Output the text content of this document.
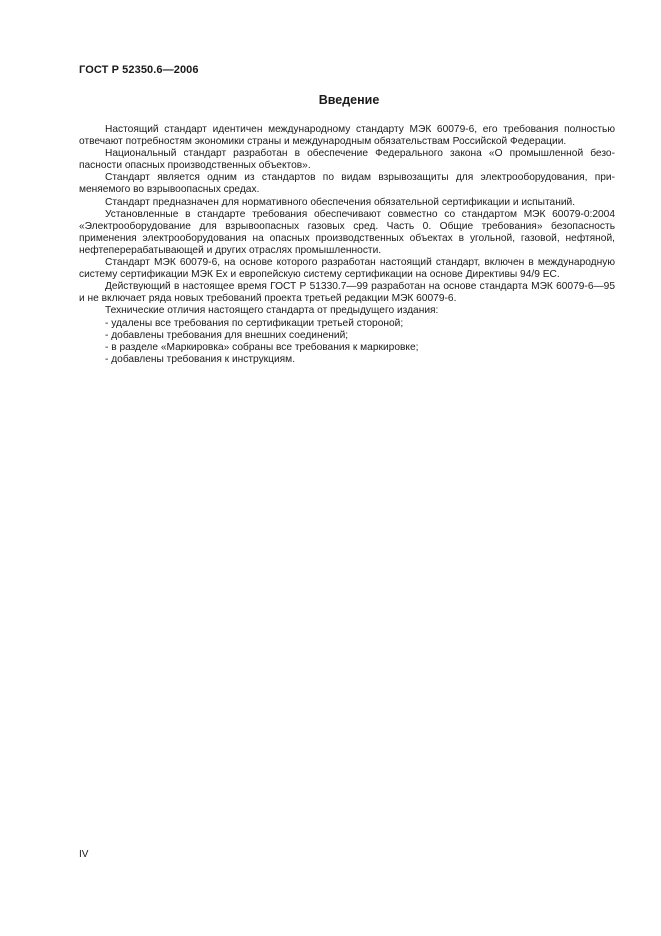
ГОСТ Р 52350.6—2006
Введение

Настоящий стандарт идентичен международному стандарту МЭК 60079-6, его требования полностью отвечают потребностям экономики страны и международным обязательствам Российской Федерации.

Национальный стандарт разработан в обеспечение Федерального закона «О промышленной безопасности опасных производственных объектов».

Стандарт является одним из стандартов по видам взрывозащиты для электрооборудования, применяемого во взрывоопасных средах.

Стандарт предназначен для нормативного обеспечения обязательной сертификации и испытаний.

Установленные в стандарте требования обеспечивают совместно со стандартом МЭК 60079-0:2004 «Электрооборудование для взрывоопасных газовых сред. Часть 0. Общие требования» безопасность применения электрооборудования на опасных производственных объектах в угольной, газовой, нефтяной, нефтеперерабатывающей и других отраслях промышленности.

Стандарт МЭК 60079-6, на основе которого разработан настоящий стандарт, включен в международную систему сертификации МЭК Ex и европейскую систему сертификации на основе Директивы 94/9 ЕС.

Действующий в настоящее время ГОСТ Р 51330.7—99 разработан на основе стандарта МЭК 60079-6—95 и не включает ряда новых требований проекта третьей редакции МЭК 60079-6.

Технические отличия настоящего стандарта от предыдущего издания:

- удалены все требования по сертификации третьей стороной;
- добавлены требования для внешних соединений;
- в разделе «Маркировка» собраны все требования к маркировке;
- добавлены требования к инструкциям.
IV
